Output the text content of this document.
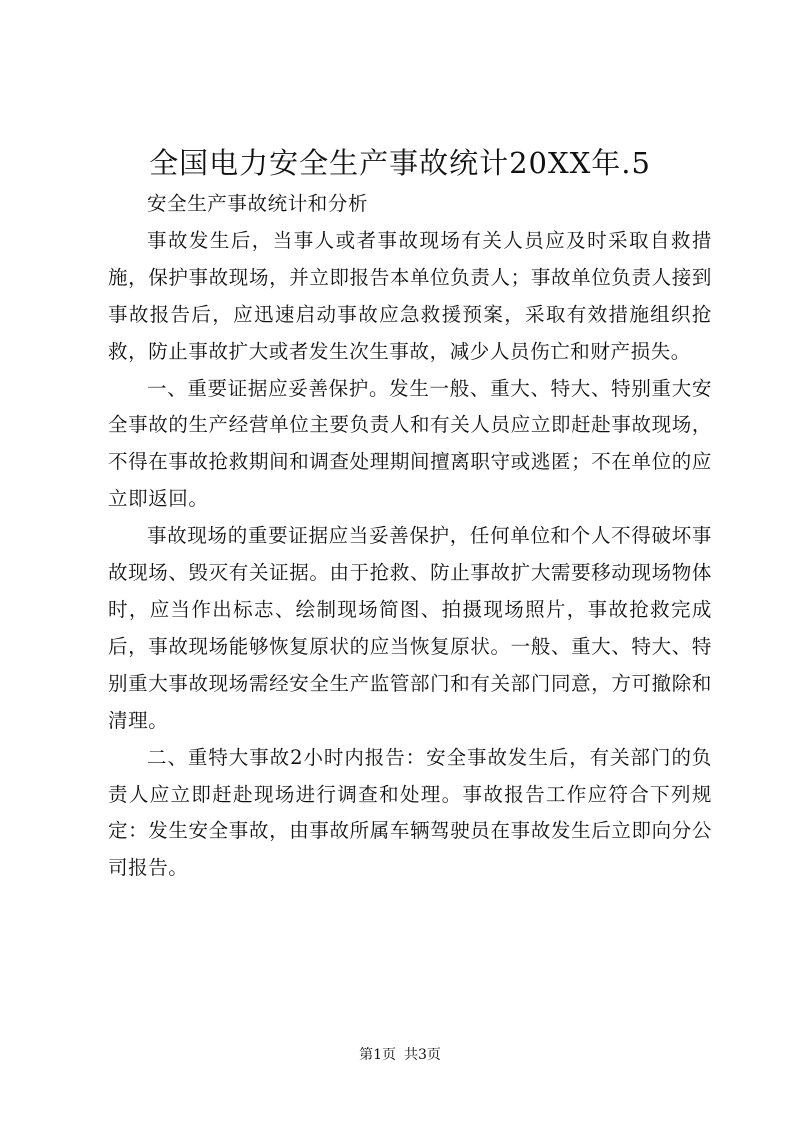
全国电力安全生产事故统计20XX年.5

安全生产事故统计和分析

事故发生后，当事人或者事故现场有关人员应及时采取自救措施，保护事故现场，并立即报告本单位负责人；事故单位负责人接到事故报告后，应迅速启动事故应急救援预案，采取有效措施组织抢救，防止事故扩大或者发生次生事故，减少人员伤亡和财产损失。

一、重要证据应妥善保护。发生一般、重大、特大、特别重大安全事故的生产经营单位主要负责人和有关人员应立即赶赴事故现场，不得在事故抢救期间和调查处理期间擅离职守或逃匿；不在单位的应立即返回。

事故现场的重要证据应当妥善保护，任何单位和个人不得破坏事故现场、毁灭有关证据。由于抢救、防止事故扩大需要移动现场物体时，应当作出标志、绘制现场简图、拍摄现场照片，事故抢救完成后，事故现场能够恢复原状的应当恢复原状。一般、重大、特大、特别重大事故现场需经安全生产监管部门和有关部门同意，方可撤除和清理。

二、重特大事故2小时内报告：安全事故发生后，有关部门的负责人应立即赶赴现场进行调查和处理。事故报告工作应符合下列规定：发生安全事故，由事故所属车辆驾驶员在事故发生后立即向分公司报告。

第1页 共3页
